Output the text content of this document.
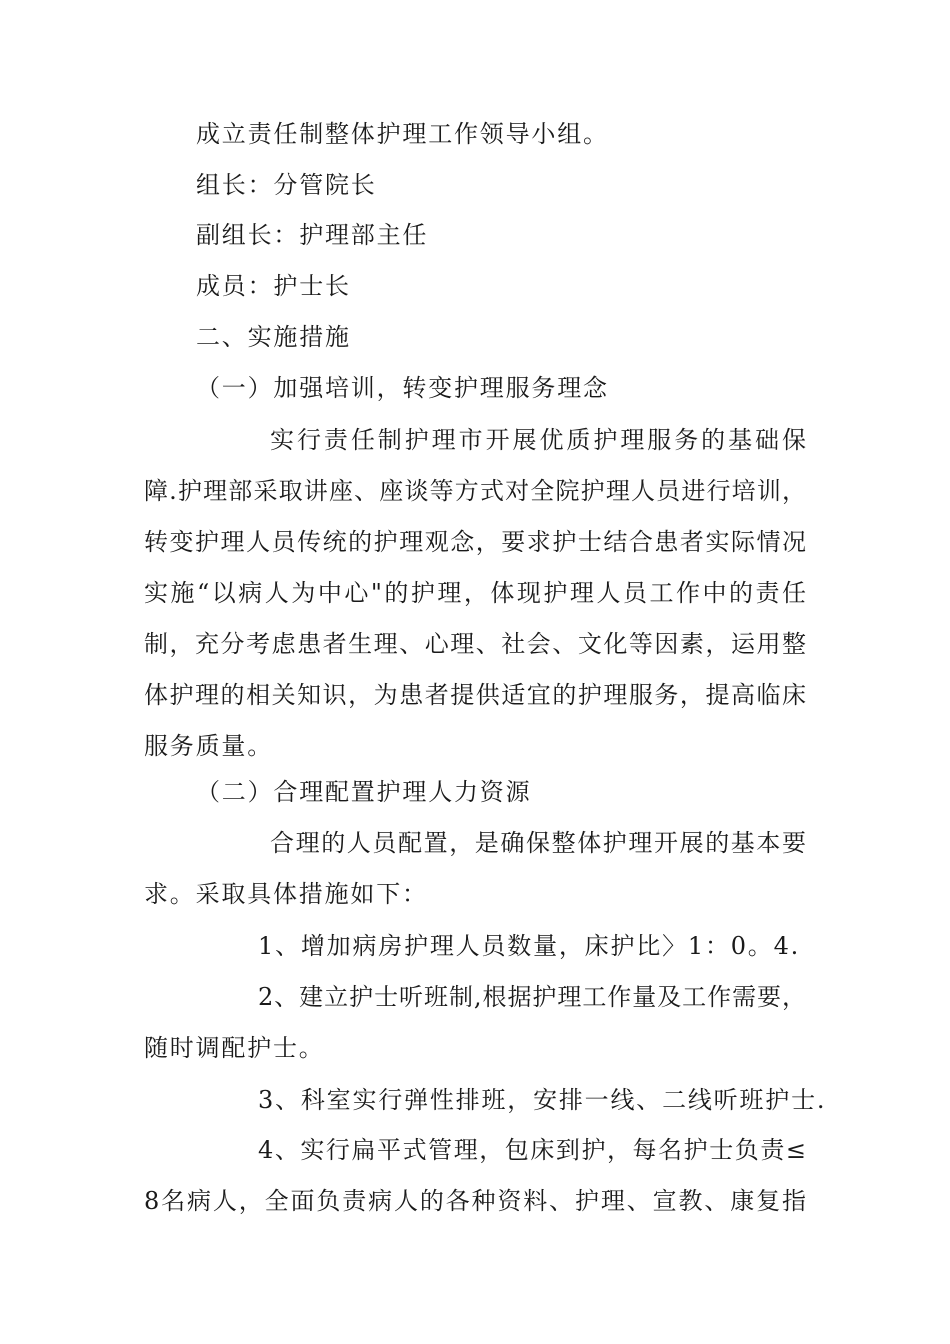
成立责任制整体护理工作领导小组。
组长：分管院长
副组长：护理部主任
成员：护士长
二、实施措施
（一）加强培训，转变护理服务理念
实行责任制护理市开展优质护理服务的基础保
障.护理部采取讲座、座谈等方式对全院护理人员进行培训，
转变护理人员传统的护理观念，要求护士结合患者实际情况
实施“以病人为中心"的护理，体现护理人员工作中的责任
制，充分考虑患者生理、心理、社会、文化等因素，运用整
体护理的相关知识，为患者提供适宜的护理服务，提高临床
服务质量。
（二）合理配置护理人力资源
合理的人员配置，是确保整体护理开展的基本要
求。采取具体措施如下：
1、增加病房护理人员数量，床护比〉1：0。4.
2、建立护士听班制,根据护理工作量及工作需要，
随时调配护士。
3、科室实行弹性排班，安排一线、二线听班护士.
4、实行扁平式管理，包床到护，每名护士负责≤
8名病人，全面负责病人的各种资料、护理、宣教、康复指
